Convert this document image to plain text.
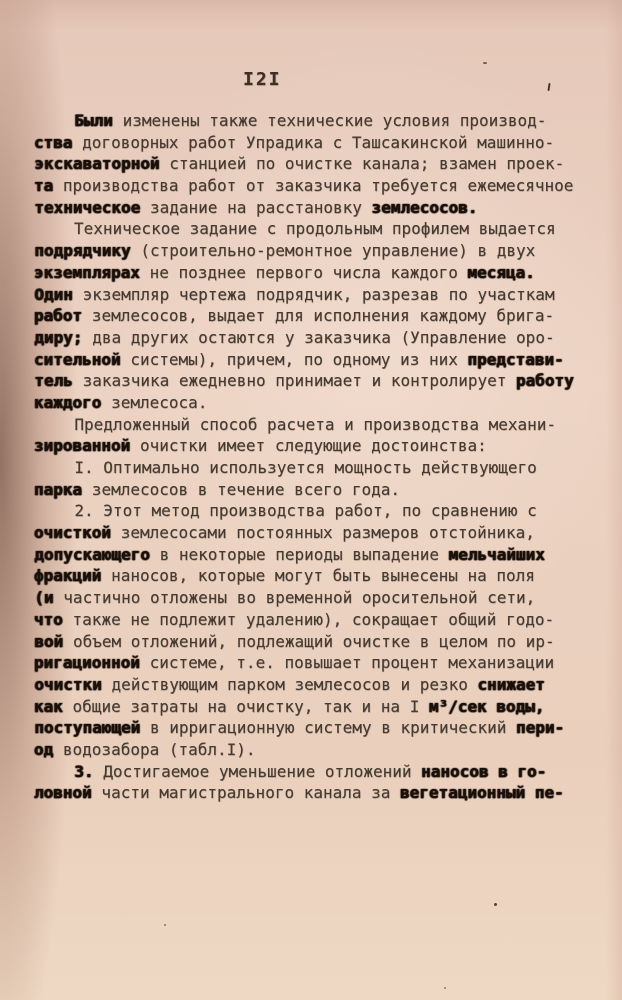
I2I
Были изменены также технические условия производ-
ства договорных работ Упрадика с Ташсакинской машинно-
экскаваторной станцией по очистке канала; взамен проек-
та производства работ от заказчика требуется ежемесячное
техническое задание на расстановку землесосов.
Техническое задание с продольным профилем выдается
подрядчику (строительно-ремонтное управление) в двух
экземплярах не позднее первого числа каждого месяца.
Один экземпляр чертежа подрядчик, разрезав по участкам
работ землесосов, выдает для исполнения каждому брига-
диру; два других остаются у заказчика (Управление оро-
сительной системы), причем, по одному из них представи-
тель заказчика ежедневно принимает и контролирует работу
каждого землесоса.
Предложенный способ расчета и производства механи-
зированной очистки имеет следующие достоинства:
I. Оптимально используется мощность действующего
парка землесосов в течение всего года.
2. Этот метод производства работ, по сравнению с
очисткой землесосами постоянных размеров отстойника,
допускающего в некоторые периоды выпадение мельчайших
фракций наносов, которые могут быть вынесены на поля
(и частично отложены во временной оросительной сети,
что также не подлежит удалению), сокращает общий годо-
вой объем отложений, подлежащий очистке в целом по ир-
ригационной системе, т.е. повышает процент механизации
очистки действующим парком землесосов и резко снижает
как общие затраты на очистку, так и на I м³/сек воды,
поступающей в ирригационную систему в критический пери-
од водозабора (табл.I).
3. Достигаемое уменьшение отложений наносов в го-
ловной части магистрального канала за вегетационный пе-
